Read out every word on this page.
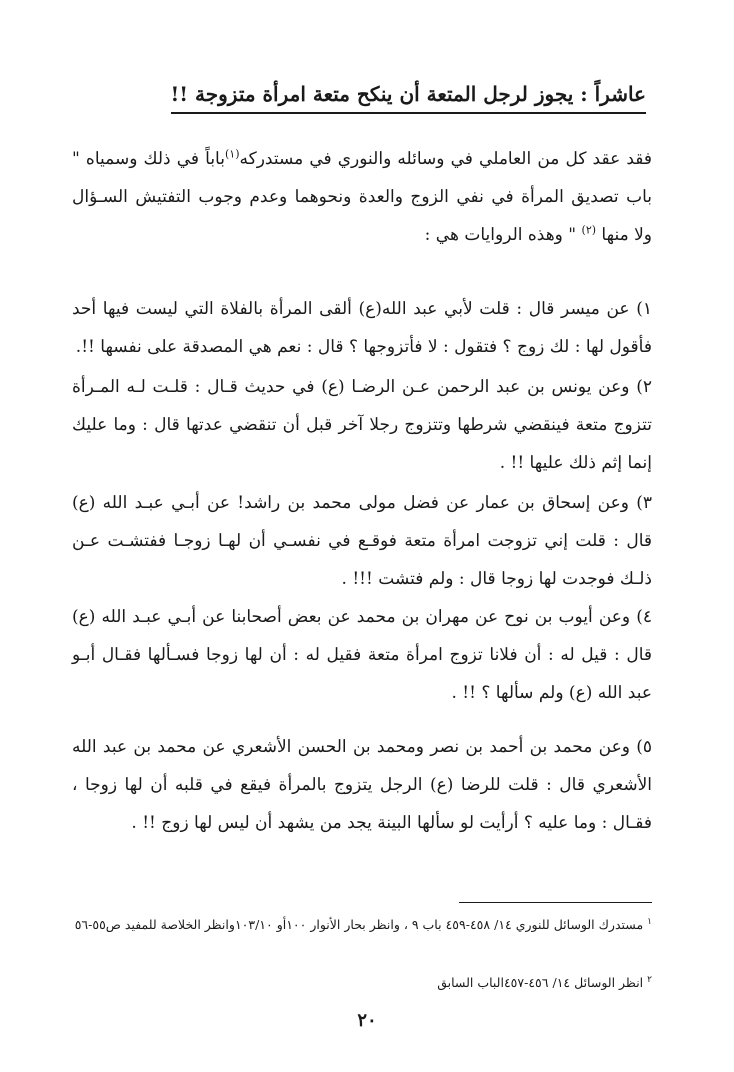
عاشراً : يجوز لرجل المتعة أن ينكح متعة امرأة متزوجة !!

فقد عقد كل من العاملي في وسائله والنوري في مستدركه$^{(١)}$باباً في ذلك وسمياه " باب تصديق المرأة في نفي الزوج والعدة ونحوهما وعدم وجوب التفتيش السـؤال ولا منها $^{(٢)}$ " وهذه الروايات هي :

١) عن ميسر قال : قلت لأبي عبد الله(ع) ألقى المرأة بالفلاة التي ليست فيها أحد فأقول لها : لك زوج ؟ فتقول : لا فأتزوجها ؟ قال : نعم هي المصدقة على نفسها !!.

٢) وعن يونس بن عبد الرحمن عـن الرضـا (ع) في حديث قـال : قلـت لـه المـرأة تتزوج متعة فينقضي شرطها وتتزوج رجلا آخر قبل أن تنقضي عدتها قال : وما عليك إنما إثم ذلك عليها !! .

٣) وعن إسحاق بن عمار عن فضل مولى محمد بن راشد! عن أبـي عبـد الله (ع) قال : قلت إني تزوجت امرأة متعة فوقـع في نفسـي أن لهـا زوجـا ففتشـت عـن ذلـك فوجدت لها زوجا قال : ولم فتشت !!! .

٤) وعن أيوب بن نوح عن مهران بن محمد عن بعض أصحابنا عن أبـي عبـد الله (ع) قال : قيل له : أن فلانا تزوج امرأة متعة فقيل له : أن لها زوجا فسـألها فقـال أبـو عبد الله (ع) ولم سألها ؟ !! .

٥) وعن محمد بن أحمد بن نصر ومحمد بن الحسن الأشعري عن محمد بن عبد الله الأشعري قال : قلت للرضا (ع) الرجل يتزوج بالمرأة فيقع في قلبه أن لها زوجا ، فقـال : وما عليه ؟ أرأيت لو سألها البينة يجد من يشهد أن ليس لها زوج !! .

$^١$مستدرك الوسائل للنوري ١٤/ ٤٥٨-٤٥٩ باب ٩ ، وانظر بحار الأنوار ١٠٠أو ١٠٣/١٠وانظر الخلاصة للمفيد ص٥٥-٥٦
$^٢$انظر الوسائل ١٤/ ٤٥٦-٤٥٧الباب السابق
٢٠
